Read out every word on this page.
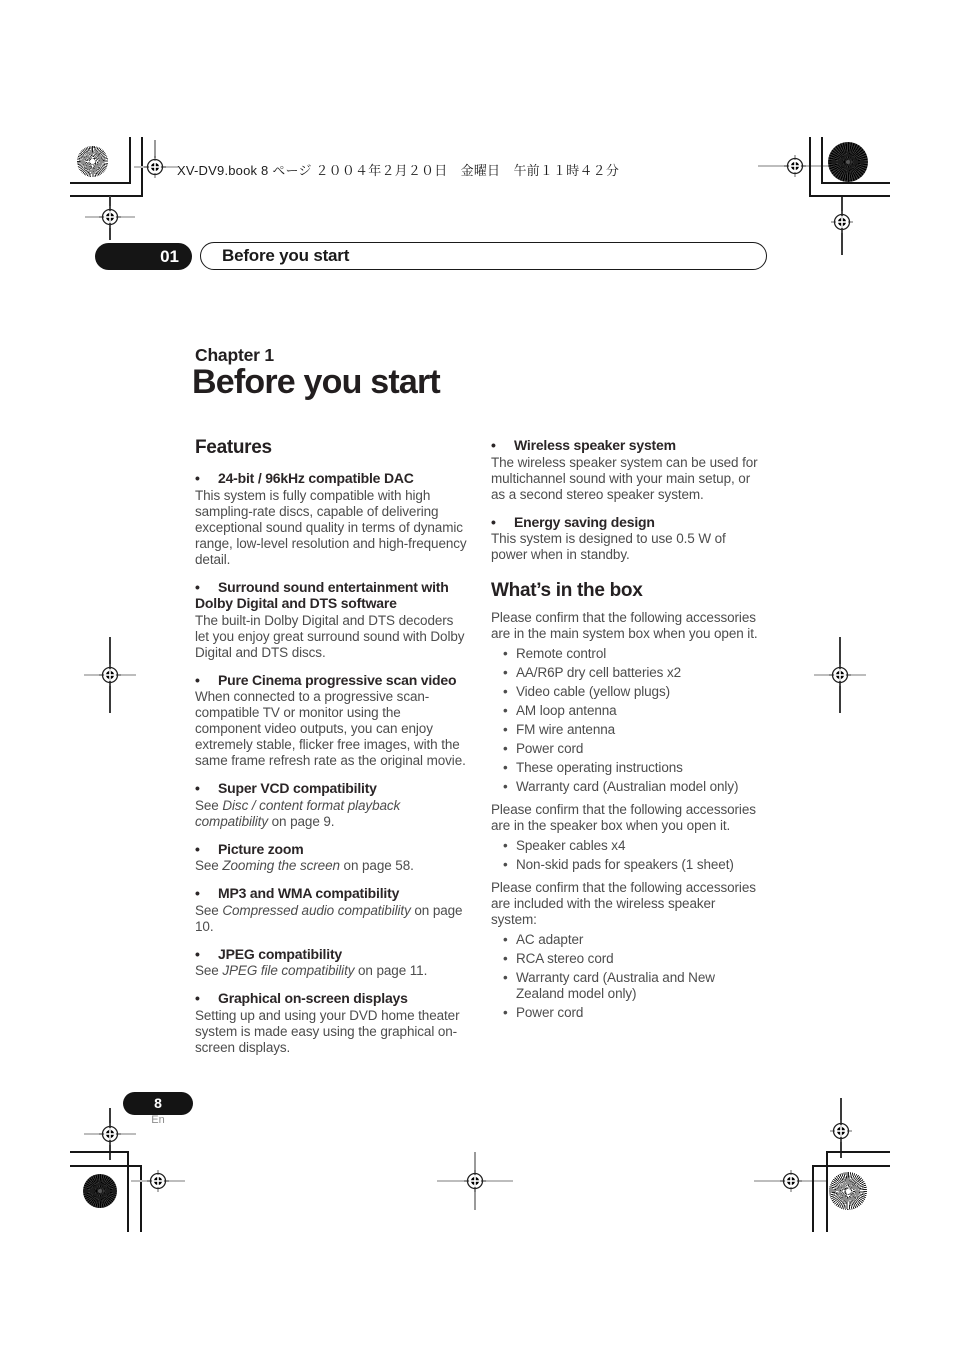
XV-DV9.book 8 ページ ２００４年２月２０日　金曜日　午前１１時４２分
01	Before you start
Chapter 1
Before you start
Features
• 24-bit / 96kHz compatible DAC
This system is fully compatible with high sampling-rate discs, capable of delivering exceptional sound quality in terms of dynamic range, low-level resolution and high-frequency detail.
• Surround sound entertainment with Dolby Digital and DTS software
The built-in Dolby Digital and DTS decoders let you enjoy great surround sound with Dolby Digital and DTS discs.
• Pure Cinema progressive scan video
When connected to a progressive scan-compatible TV or monitor using the component video outputs, you can enjoy extremely stable, flicker free images, with the same frame refresh rate as the original movie.
• Super VCD compatibility
See Disc / content format playback compatibility on page 9.
• Picture zoom
See Zooming the screen on page 58.
• MP3 and WMA compatibility
See Compressed audio compatibility on page 10.
• JPEG compatibility
See JPEG file compatibility on page 11.
• Graphical on-screen displays
Setting up and using your DVD home theater system is made easy using the graphical on-screen displays.
• Wireless speaker system
The wireless speaker system can be used for multichannel sound with your main setup, or as a second stereo speaker system.
• Energy saving design
This system is designed to use 0.5 W of power when in standby.
What’s in the box

Please confirm that the following accessories are in the main system box when you open it.

• Remote control
• AA/R6P dry cell batteries x2
• Video cable (yellow plugs)
• AM loop antenna
• FM wire antenna
• Power cord
• These operating instructions
• Warranty card (Australian model only)

Please confirm that the following accessories are in the speaker box when you open it.

• Speaker cables x4
• Non-skid pads for speakers (1 sheet)

Please confirm that the following accessories are included with the wireless speaker system:

• AC adapter
• RCA stereo cord
• Warranty card (Australia and New Zealand model only)
• Power cord
8
En
